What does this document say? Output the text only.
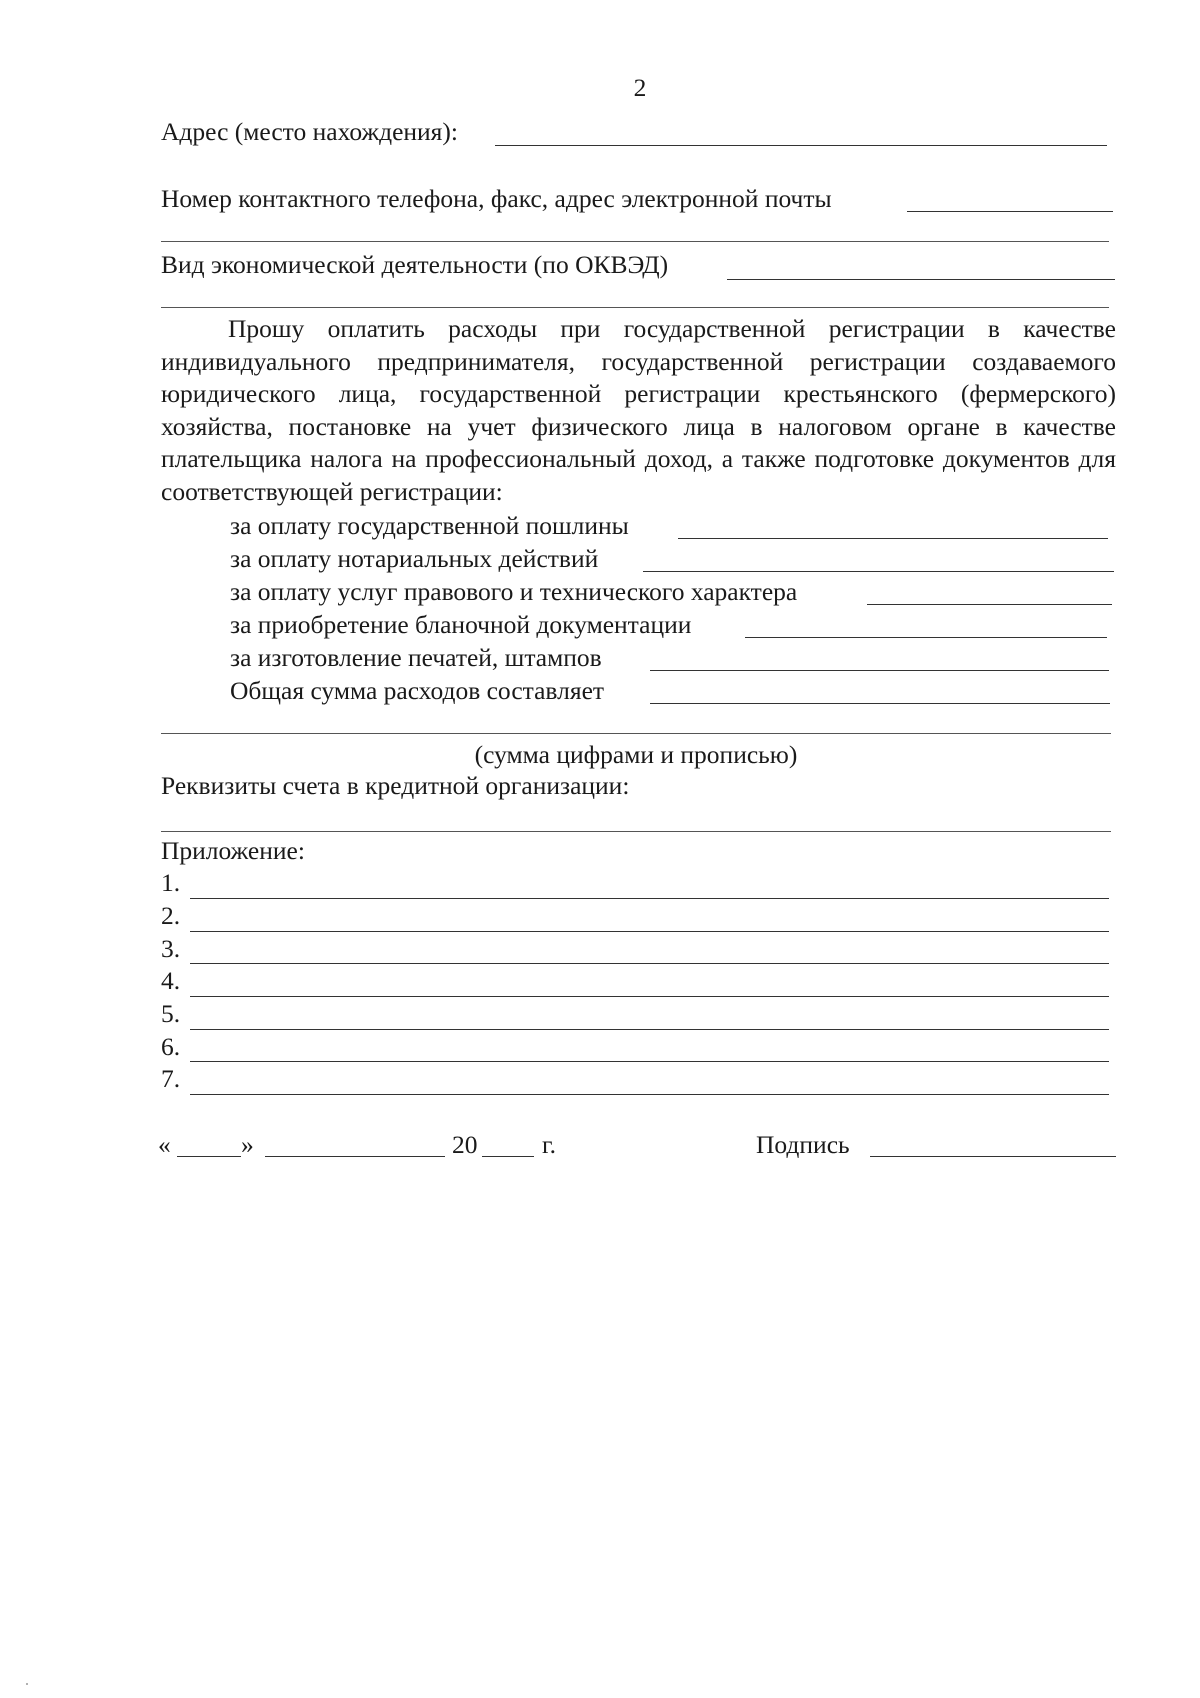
2
Адрес (место нахождения):
Номер контактного телефона, факс, адрес электронной почты
Вид экономической деятельности (по ОКВЭД)
Прошу оплатить расходы при государственной регистрации в качестве индивидуального предпринимателя, государственной регистрации создаваемого юридического лица, государственной регистрации крестьянского (фермерского) хозяйства, постановке на учет физического лица в налоговом органе в качестве плательщика налога на профессиональный доход, а также подготовке документов для соответствующей регистрации:
за оплату государственной пошлины
за оплату нотариальных действий
за оплату услуг правового и технического характера
за приобретение бланочной документации
за изготовление печатей, штампов
Общая сумма расходов составляет
(сумма цифрами и прописью)
Реквизиты счета в кредитной организации:
Приложение:
1.
2.
3.
4.
5.
6.
7.
«	»	20	г.	Подпись
